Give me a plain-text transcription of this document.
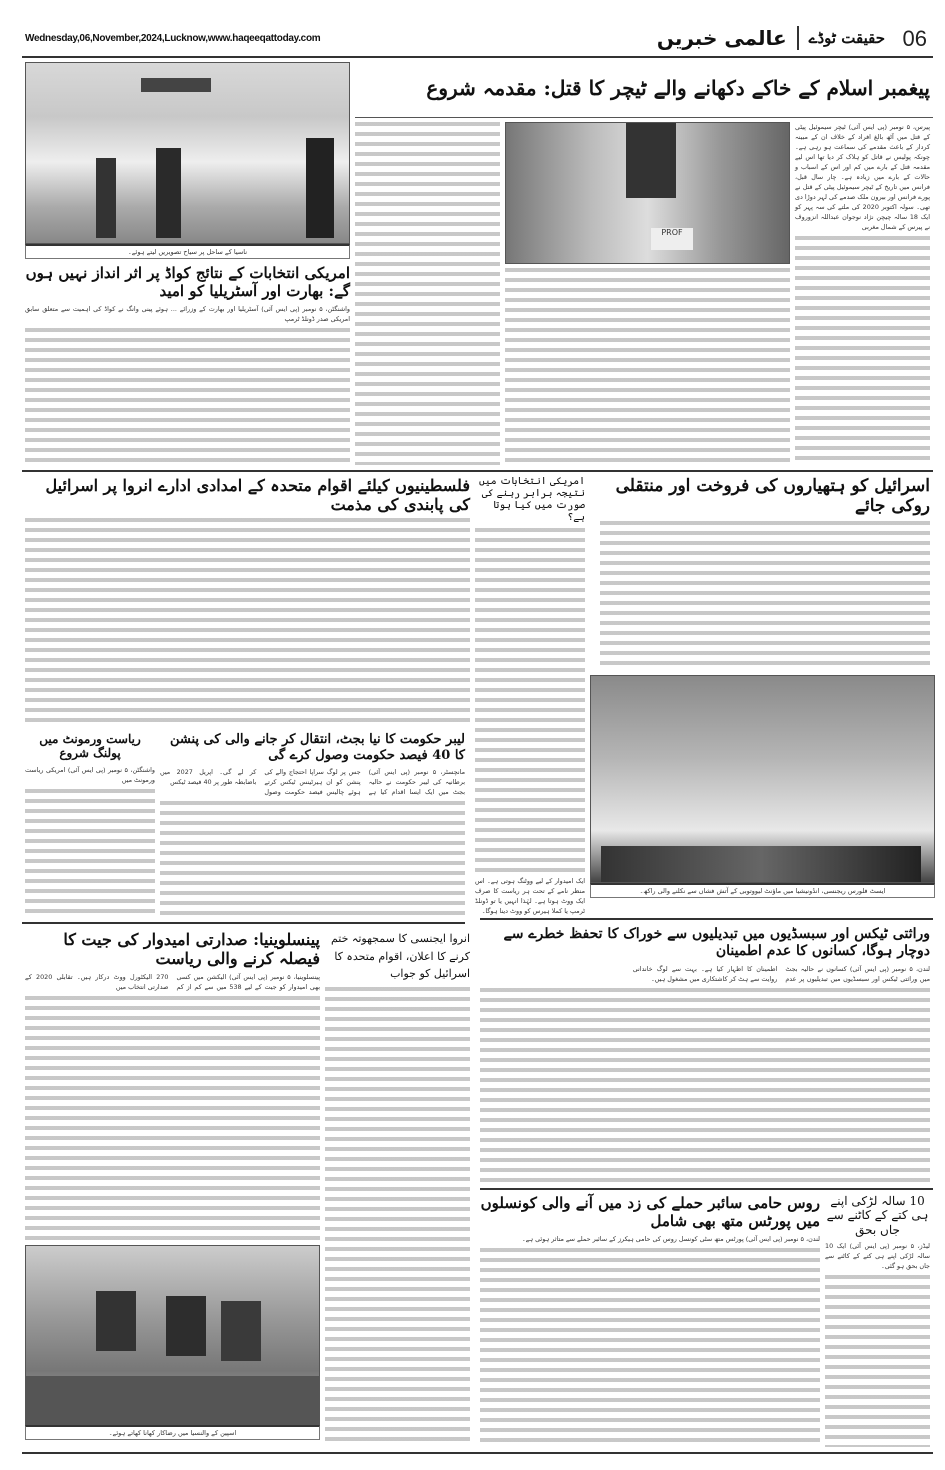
Wednesday,06,November,2024,Lucknow,www.haqeeqattoday.com	حقیقت ٹوڈے
عالمی خبریں	06
ناسیا کے ساحل پر سیاح تصویریں لیتے ہوئے۔
پیغمبر اسلام کے خاکے دکھانے والے ٹیچر کا قتل: مقدمہ شروع
PROF
پیرس، ۵ نومبر (پی ایس آئی) ٹیچر سیموئیل پیٹی کے قتل میں آٹھ بالغ افراد کے خلاف ان کے مبینہ کردار کے باعث مقدمے کی سماعت ہو رہی ہے۔ چونکہ پولیس نے قاتل کو ہلاک کر دیا تھا اس لیے مقدمہ قتل کے بارے میں کم اور اس کے اسباب و حالات کے بارے میں زیادہ ہے۔ چار سال قبل، فرانس میں تاریخ کے ٹیچر سیموئیل پیٹی کے قتل نے پورے فرانس اور بیرون ملک صدمے کی لہر دوڑا دی تھی۔ سولہ اکتوبر 2020 کی ملتے کی سہ پہر کو ایک 18 سالہ چیچن نژاد نوجوان عبداللہ انزوروف نے پیرس کے شمال مغربی
امریکی انتخابات کے نتائج کواڈ پر اثر انداز نہیں ہوں گے: بھارت اور آسٹریلیا کو امید
واشنگٹن، ۵ نومبر (پی ایس آئی) آسٹریلیا اور بھارت کے وزرائے ... ہوئے پینی وانگ نے کواڈ کی اہمیت سے متعلق سابق امریکی صدر ڈونلڈ ٹرمپ
اسرائیل کو ہتھیاروں کی فروخت اور منتقلی روکی جائے
ایسٹ فلورس ریجنسی، انڈونیشیا میں ماؤنٹ لیووتوبی کے آتش فشاں سے نکلنے والی راکھ۔
امریکی انتخابات میں نتیجہ برابر رہنے کی صورت میں کیا ہوتا ہے؟
ایک امیدوار کے لیے ووٹنگ ہوتی ہے۔ اس منظر نامے کے تحت ہر ریاست کا صرف ایک ووٹ ہوتا ہے۔ لہٰذا انہیں یا تو ڈونلڈ ٹرمپ یا کملا ہیرس کو ووٹ دینا ہوگا۔
فلسطینیوں کیلئے اقوام متحدہ کے امدادی ادارے انروا پر اسرائیل کی پابندی کی مذمت
لیبر حکومت کا نیا بجٹ، انتقال کر جانے والی کی پنشن کا 40 فیصد حکومت وصول کرے گی
مانچسٹر، ۵ نومبر (پی ایس آئی) برطانیہ کی لیبر حکومت نے حالیہ بجٹ میں ایک ایسا اقدام کیا ہے جس پر لوگ سراپا احتجاج والے کی پنشن کو ان ہیرٹینس ٹیکس کرتے ہوئے چالیس فیصد حکومت وصول کر لے گی۔ اپریل 2027 میں باضابطہ طور پر 40 فیصد ٹیکس
ریاست ورمونٹ میں پولنگ شروع
واشنگٹن، ۵ نومبر (پی ایس آئی) امریکی ریاست ورمونٹ میں
وراثتی ٹیکس اور سبسڈیوں میں تبدیلیوں سے خوراک کا تحفظ خطرے سے دوچار ہوگا، کسانوں کا عدم اطمینان
لندن، ۵ نومبر (پی ایس آئی) کسانوں نے حالیہ بجٹ میں وراثتی ٹیکس اور سبسڈیوں میں تبدیلیوں پر عدم اطمینان کا اظہار کیا ہے۔ بہت سے لوگ خاندانی روایت سے ہٹ کر کاشتکاری میں مشغول ہیں۔
پینسلوینیا: صدارتی امیدوار کی جیت کا فیصلہ کرنے والی ریاست
پینسلوینیا، ۵ نومبر (پی ایس آئی) الیکشن میں کسی بھی امیدوار کو جیت کے لیے 538 میں سے کم از کم 270 الیکٹورل ووٹ درکار ہیں۔ تقابلی 2020 کے صدارتی انتخاب میں
اسپین کے والنسیا میں رضاکار کھانا کھاتے ہوئے۔
انروا ایجنسی کا سمجھوتہ ختم کرنے کا اعلان، اقوام متحدہ کا اسرائیل کو جواب
روس حامی سائبر حملے کی زد میں آنے والی کونسلوں میں پورٹس متھ بھی شامل
لندن، ۵ نومبر (پی ایس آئی) پورٹس متھ سٹی کونسل روس کی حامی ہیکرز کے سائبر حملے سے متاثر ہوئی ہے۔
10 سالہ لڑکی اپنے ہی کتے کے کاٹنے سے جاں بحق
لیڈز، ۵ نومبر (پی ایس آئی) ایک 10 سالہ لڑکی اپنے ہی کتے کے کاٹنے سے جاں بحق ہو گئی۔
